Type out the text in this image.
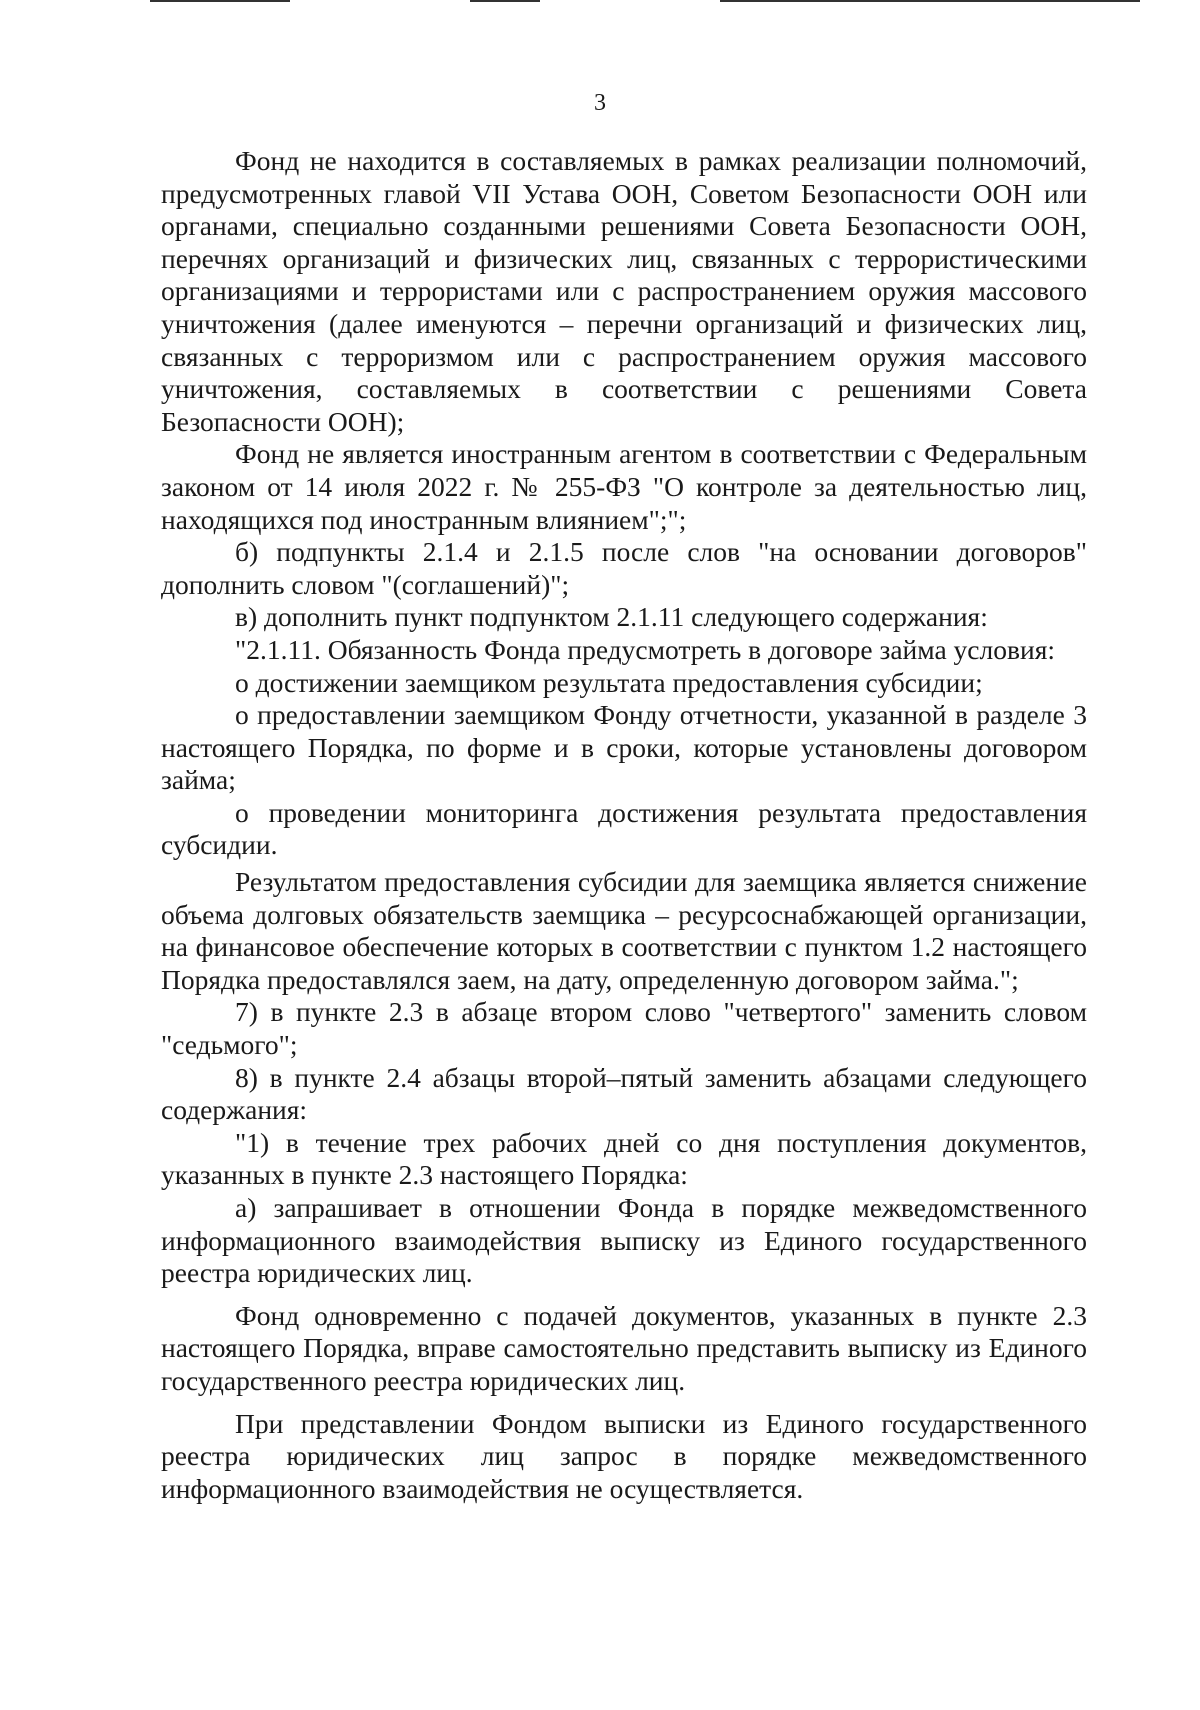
3

Фонд не находится в составляемых в рамках реализации полномочий, предусмотренных главой VII Устава ООН, Советом Безопасности ООН или органами, специально созданными решениями Совета Безопасности ООН, перечнях организаций и физических лиц, связанных с террористическими организациями и террористами или с распространением оружия массового уничтожения (далее именуются – перечни организаций и физических лиц, связанных с терроризмом или с распространением оружия массового уничтожения, составляемых в соответствии с решениями Совета Безопасности ООН);

Фонд не является иностранным агентом в соответствии с Федеральным законом от 14 июля 2022 г. № 255-ФЗ "О контроле за деятельностью лиц, находящихся под иностранным влиянием";";

б) подпункты 2.1.4 и 2.1.5 после слов "на основании договоров" дополнить словом "(соглашений)";

в) дополнить пункт подпунктом 2.1.11 следующего содержания:

"2.1.11. Обязанность Фонда предусмотреть в договоре займа условия:

о достижении заемщиком результата предоставления субсидии;

о предоставлении заемщиком Фонду отчетности, указанной в разделе 3 настоящего Порядка, по форме и в сроки, которые установлены договором займа;

о проведении мониторинга достижения результата предоставления субсидии.

Результатом предоставления субсидии для заемщика является снижение объема долговых обязательств заемщика – ресурсоснабжающей организации, на финансовое обеспечение которых в соответствии с пунктом 1.2 настоящего Порядка предоставлялся заем, на дату, определенную договором займа.";

7) в пункте 2.3 в абзаце втором слово "четвертого" заменить словом "седьмого";

8) в пункте 2.4 абзацы второй–пятый заменить абзацами следующего содержания:

"1) в течение трех рабочих дней со дня поступления документов, указанных в пункте 2.3 настоящего Порядка:

а) запрашивает в отношении Фонда в порядке межведомственного информационного взаимодействия выписку из Единого государственного реестра юридических лиц.

Фонд одновременно с подачей документов, указанных в пункте 2.3 настоящего Порядка, вправе самостоятельно представить выписку из Единого государственного реестра юридических лиц.

При представлении Фондом выписки из Единого государственного реестра юридических лиц запрос в порядке межведомственного информационного взаимодействия не осуществляется.
